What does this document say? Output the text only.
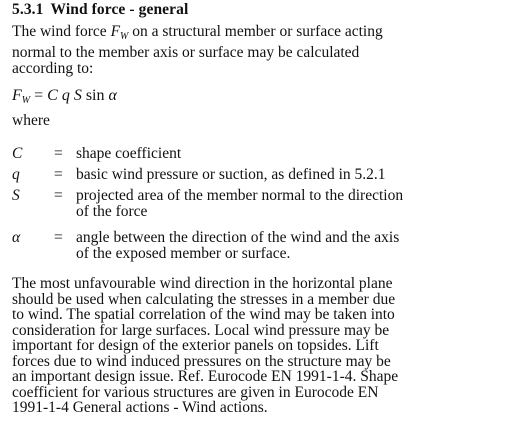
5.3.1 Wind force - general
The wind force $F_W$ on a structural member or surface acting
normal to the member axis or surface may be calculated
according to:
$F_W = C$ q S sin α
where
C = shape coefficient
q = basic wind pressure or suction, as defined in 5.2.1
S = projected area of the member normal to the direction
of the force
α = angle between the direction of the wind and the axis
of the exposed member or surface.
The most unfavourable wind direction in the horizontal plane
should be used when calculating the stresses in a member due
to wind. The spatial correlation of the wind may be taken into
consideration for large surfaces. Local wind pressure may be
important for design of the exterior panels on topsides. Lift
forces due to wind induced pressures on the structure may be
an important design issue. Ref. Eurocode EN 1991-1-4. Shape
coefficient for various structures are given in Eurocode EN
1991-1-4 General actions - Wind actions.
